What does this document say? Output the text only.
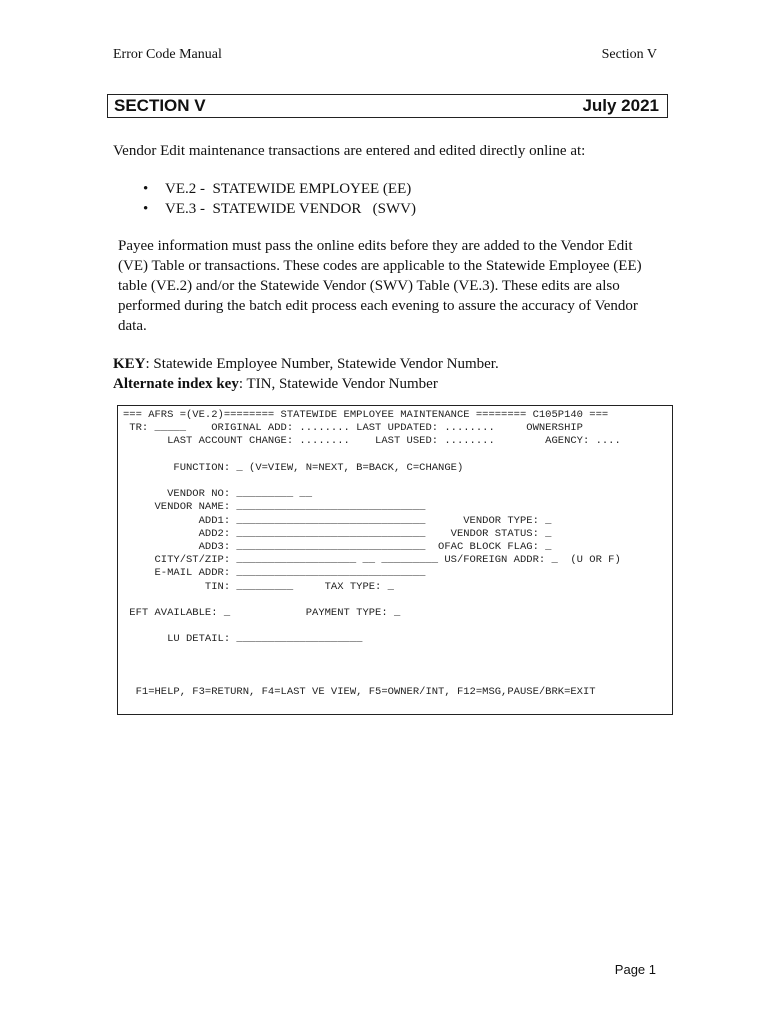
Error Code Manual	Section V
SECTION V	July 2021
Vendor Edit maintenance transactions are entered and edited directly online at:
• VE.2 -  STATEWIDE EMPLOYEE (EE)
• VE.3 -  STATEWIDE VENDOR   (SWV)
Payee information must pass the online edits before they are added to the Vendor Edit (VE) Table or transactions. These codes are applicable to the Statewide Employee (EE) table (VE.2) and/or the Statewide Vendor (SWV) Table (VE.3). These edits are also performed during the batch edit process each evening to assure the accuracy of Vendor data.
KEY: Statewide Employee Number, Statewide Vendor Number.
Alternate index key: TIN, Statewide Vendor Number
=== AFRS =(VE.2)======== STATEWIDE EMPLOYEE MAINTENANCE ======== C105P140 ===
TR: _____    ORIGINAL ADD: ........ LAST UPDATED: ........     OWNERSHIP
LAST ACCOUNT CHANGE: ........    LAST USED: ........        AGENCY: ....

FUNCTION: _ (V=VIEW, N=NEXT, B=BACK, C=CHANGE)

VENDOR NO: _________ __
VENDOR NAME: ______________________________
ADD1: ______________________________      VENDOR TYPE: _
ADD2: ______________________________    VENDOR STATUS: _
ADD3: ______________________________  OFAC BLOCK FLAG: _
CITY/ST/ZIP: ___________________ __ _________ US/FOREIGN ADDR: _  (U OR F)
E-MAIL ADDR: ______________________________
TIN: _________     TAX TYPE: _

EFT AVAILABLE: _            PAYMENT TYPE: _

LU DETAIL: ____________________

F1=HELP, F3=RETURN, F4=LAST VE VIEW, F5=OWNER/INT, F12=MSG,PAUSE/BRK=EXIT
Page 1
